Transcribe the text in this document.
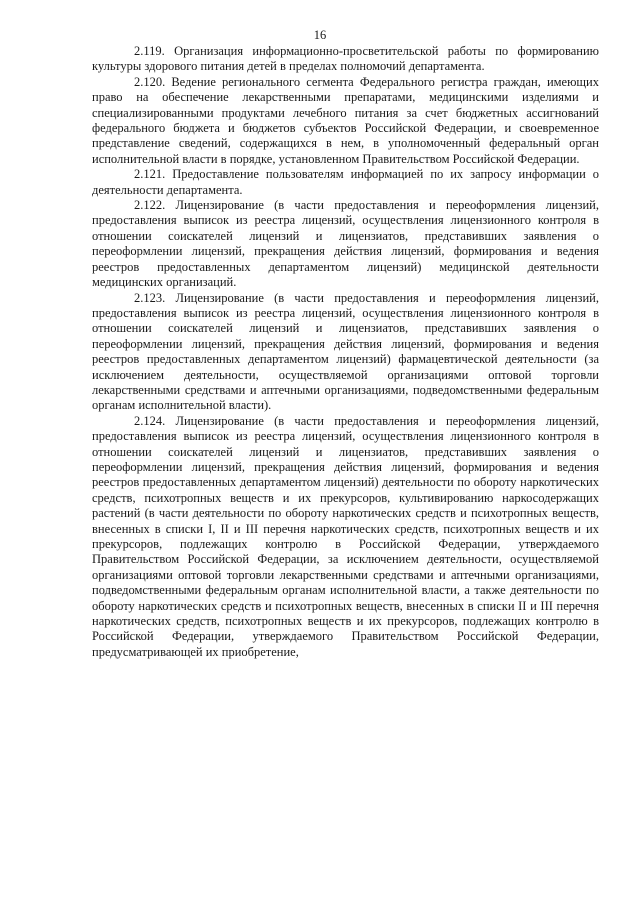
16

2.119. Организация информационно-просветительской работы по формированию культуры здорового питания детей в пределах полномочий департамента.

2.120. Ведение регионального сегмента Федерального регистра граждан, имеющих право на обеспечение лекарственными препаратами, медицинскими изделиями и специализированными продуктами лечебного питания за счет бюджетных ассигнований федерального бюджета и бюджетов субъектов Российской Федерации, и своевременное представление сведений, содержащихся в нем, в уполномоченный федеральный орган исполнительной власти в порядке, установленном Правительством Российской Федерации.

2.121. Предоставление пользователям информацией по их запросу информации о деятельности департамента.

2.122. Лицензирование (в части предоставления и переоформления лицензий, предоставления выписок из реестра лицензий, осуществления лицензионного контроля в отношении соискателей лицензий и лицензиатов, представивших заявления о переоформлении лицензий, прекращения действия лицензий, формирования и ведения реестров предоставленных департаментом лицензий) медицинской деятельности медицинских организаций.

2.123. Лицензирование (в части предоставления и переоформления лицензий, предоставления выписок из реестра лицензий, осуществления лицензионного контроля в отношении соискателей лицензий и лицензиатов, представивших заявления о переоформлении лицензий, прекращения действия лицензий, формирования и ведения реестров предоставленных департаментом лицензий) фармацевтической деятельности (за исключением деятельности, осуществляемой организациями оптовой торговли лекарственными средствами и аптечными организациями, подведомственными федеральным органам исполнительной власти).

2.124. Лицензирование (в части предоставления и переоформления лицензий, предоставления выписок из реестра лицензий, осуществления лицензионного контроля в отношении соискателей лицензий и лицензиатов, представивших заявления о переоформлении лицензий, прекращения действия лицензий, формирования и ведения реестров предоставленных департаментом лицензий) деятельности по обороту наркотических средств, психотропных веществ и их прекурсоров, культивированию наркосодержащих растений (в части деятельности по обороту наркотических средств и психотропных веществ, внесенных в списки I, II и III перечня наркотических средств, психотропных веществ и их прекурсоров, подлежащих контролю в Российской Федерации, утверждаемого Правительством Российской Федерации, за исключением деятельности, осуществляемой организациями оптовой торговли лекарственными средствами и аптечными организациями, подведомственными федеральным органам исполнительной власти, а также деятельности по обороту наркотических средств и психотропных веществ, внесенных в списки II и III перечня наркотических средств, психотропных веществ и их прекурсоров, подлежащих контролю в Российской Федерации, утверждаемого Правительством Российской Федерации, предусматривающей их приобретение,
